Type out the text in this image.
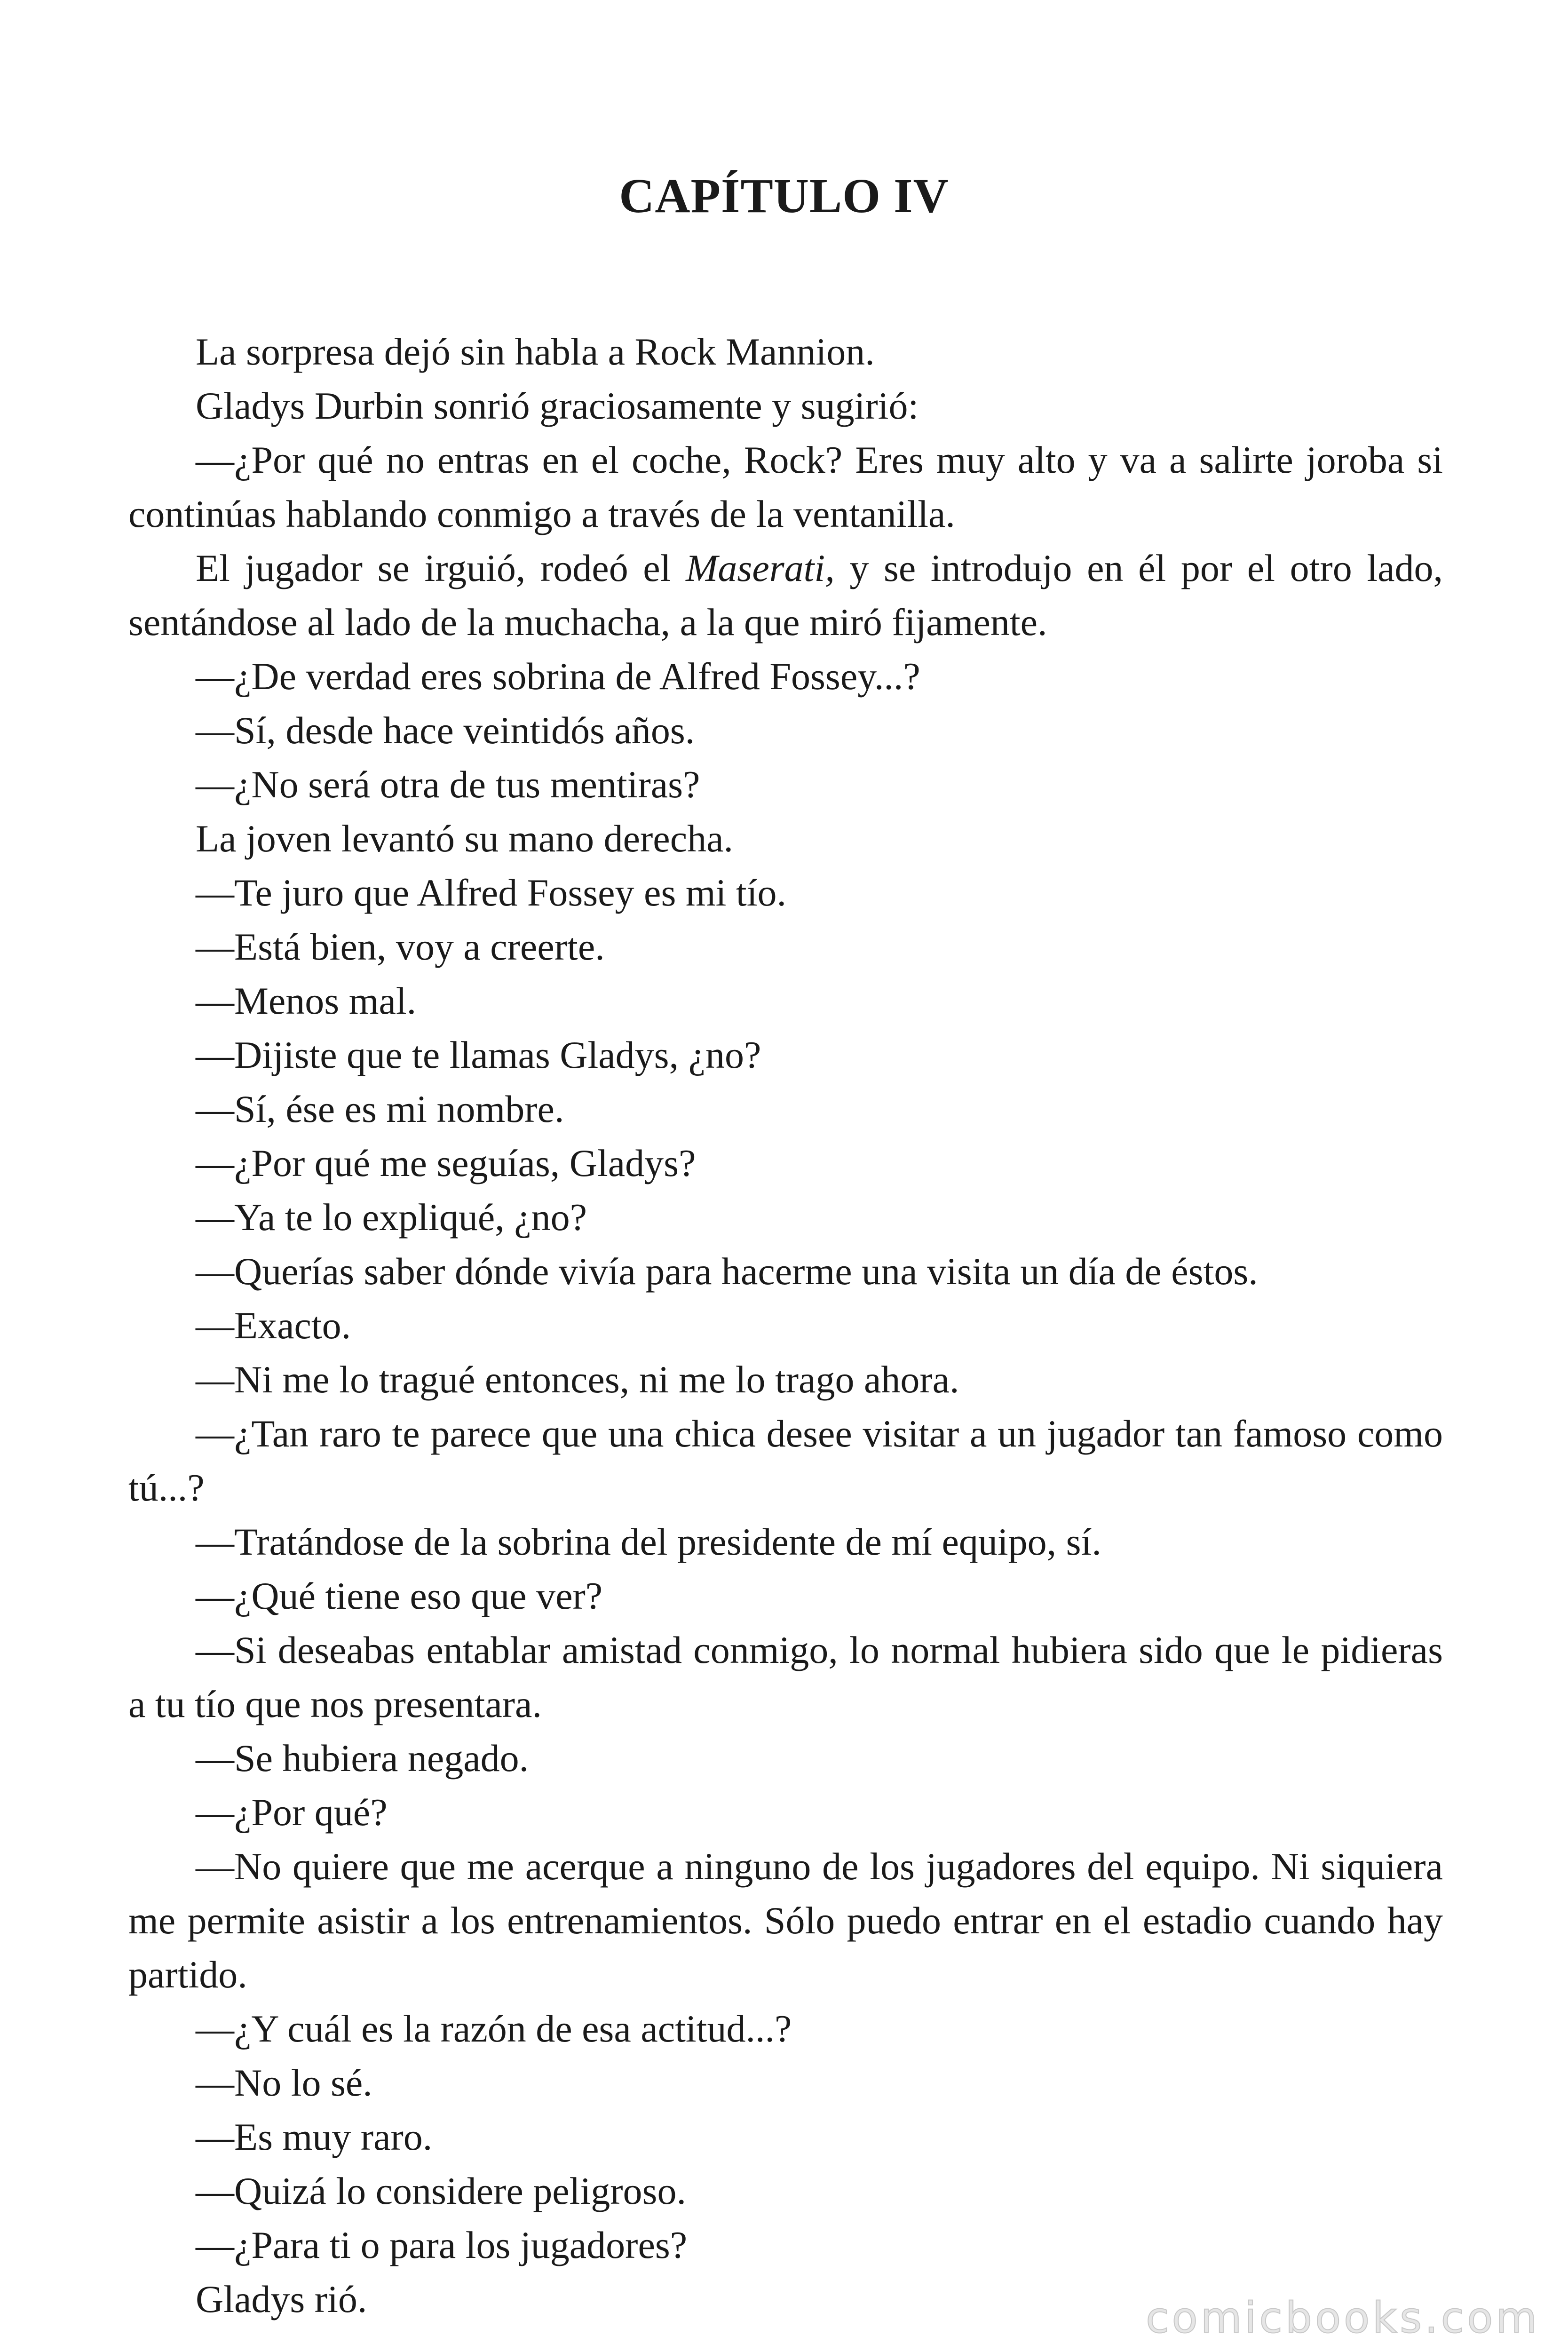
CAPÍTULO IV

La sorpresa dejó sin habla a Rock Mannion.

Gladys Durbin sonrió graciosamente y sugirió:

—¿Por qué no entras en el coche, Rock? Eres muy alto y va a salirte joroba si continúas hablando conmigo a través de la ventanilla.

El jugador se irguió, rodeó el Maserati, y se introdujo en él por el otro lado, sentándose al lado de la muchacha, a la que miró fijamente.

—¿De verdad eres sobrina de Alfred Fossey...?

—Sí, desde hace veintidós años.

—¿No será otra de tus mentiras?

La joven levantó su mano derecha.

—Te juro que Alfred Fossey es mi tío.

—Está bien, voy a creerte.

—Menos mal.

—Dijiste que te llamas Gladys, ¿no?

—Sí, ése es mi nombre.

—¿Por qué me seguías, Gladys?

—Ya te lo expliqué, ¿no?

—Querías saber dónde vivía para hacerme una visita un día de éstos.

—Exacto.

—Ni me lo tragué entonces, ni me lo trago ahora.

—¿Tan raro te parece que una chica desee visitar a un jugador tan famoso como tú...?

—Tratándose de la sobrina del presidente de mí equipo, sí.

—¿Qué tiene eso que ver?

—Si deseabas entablar amistad conmigo, lo normal hubiera sido que le pidieras a tu tío que nos presentara.

—Se hubiera negado.

—¿Por qué?

—No quiere que me acerque a ninguno de los jugadores del equipo. Ni siquiera me permite asistir a los entrenamientos. Sólo puedo entrar en el estadio cuando hay partido.

—¿Y cuál es la razón de esa actitud...?

—No lo sé.

—Es muy raro.

—Quizá lo considere peligroso.

—¿Para ti o para los jugadores?

Gladys rió.	comicbooks.com
